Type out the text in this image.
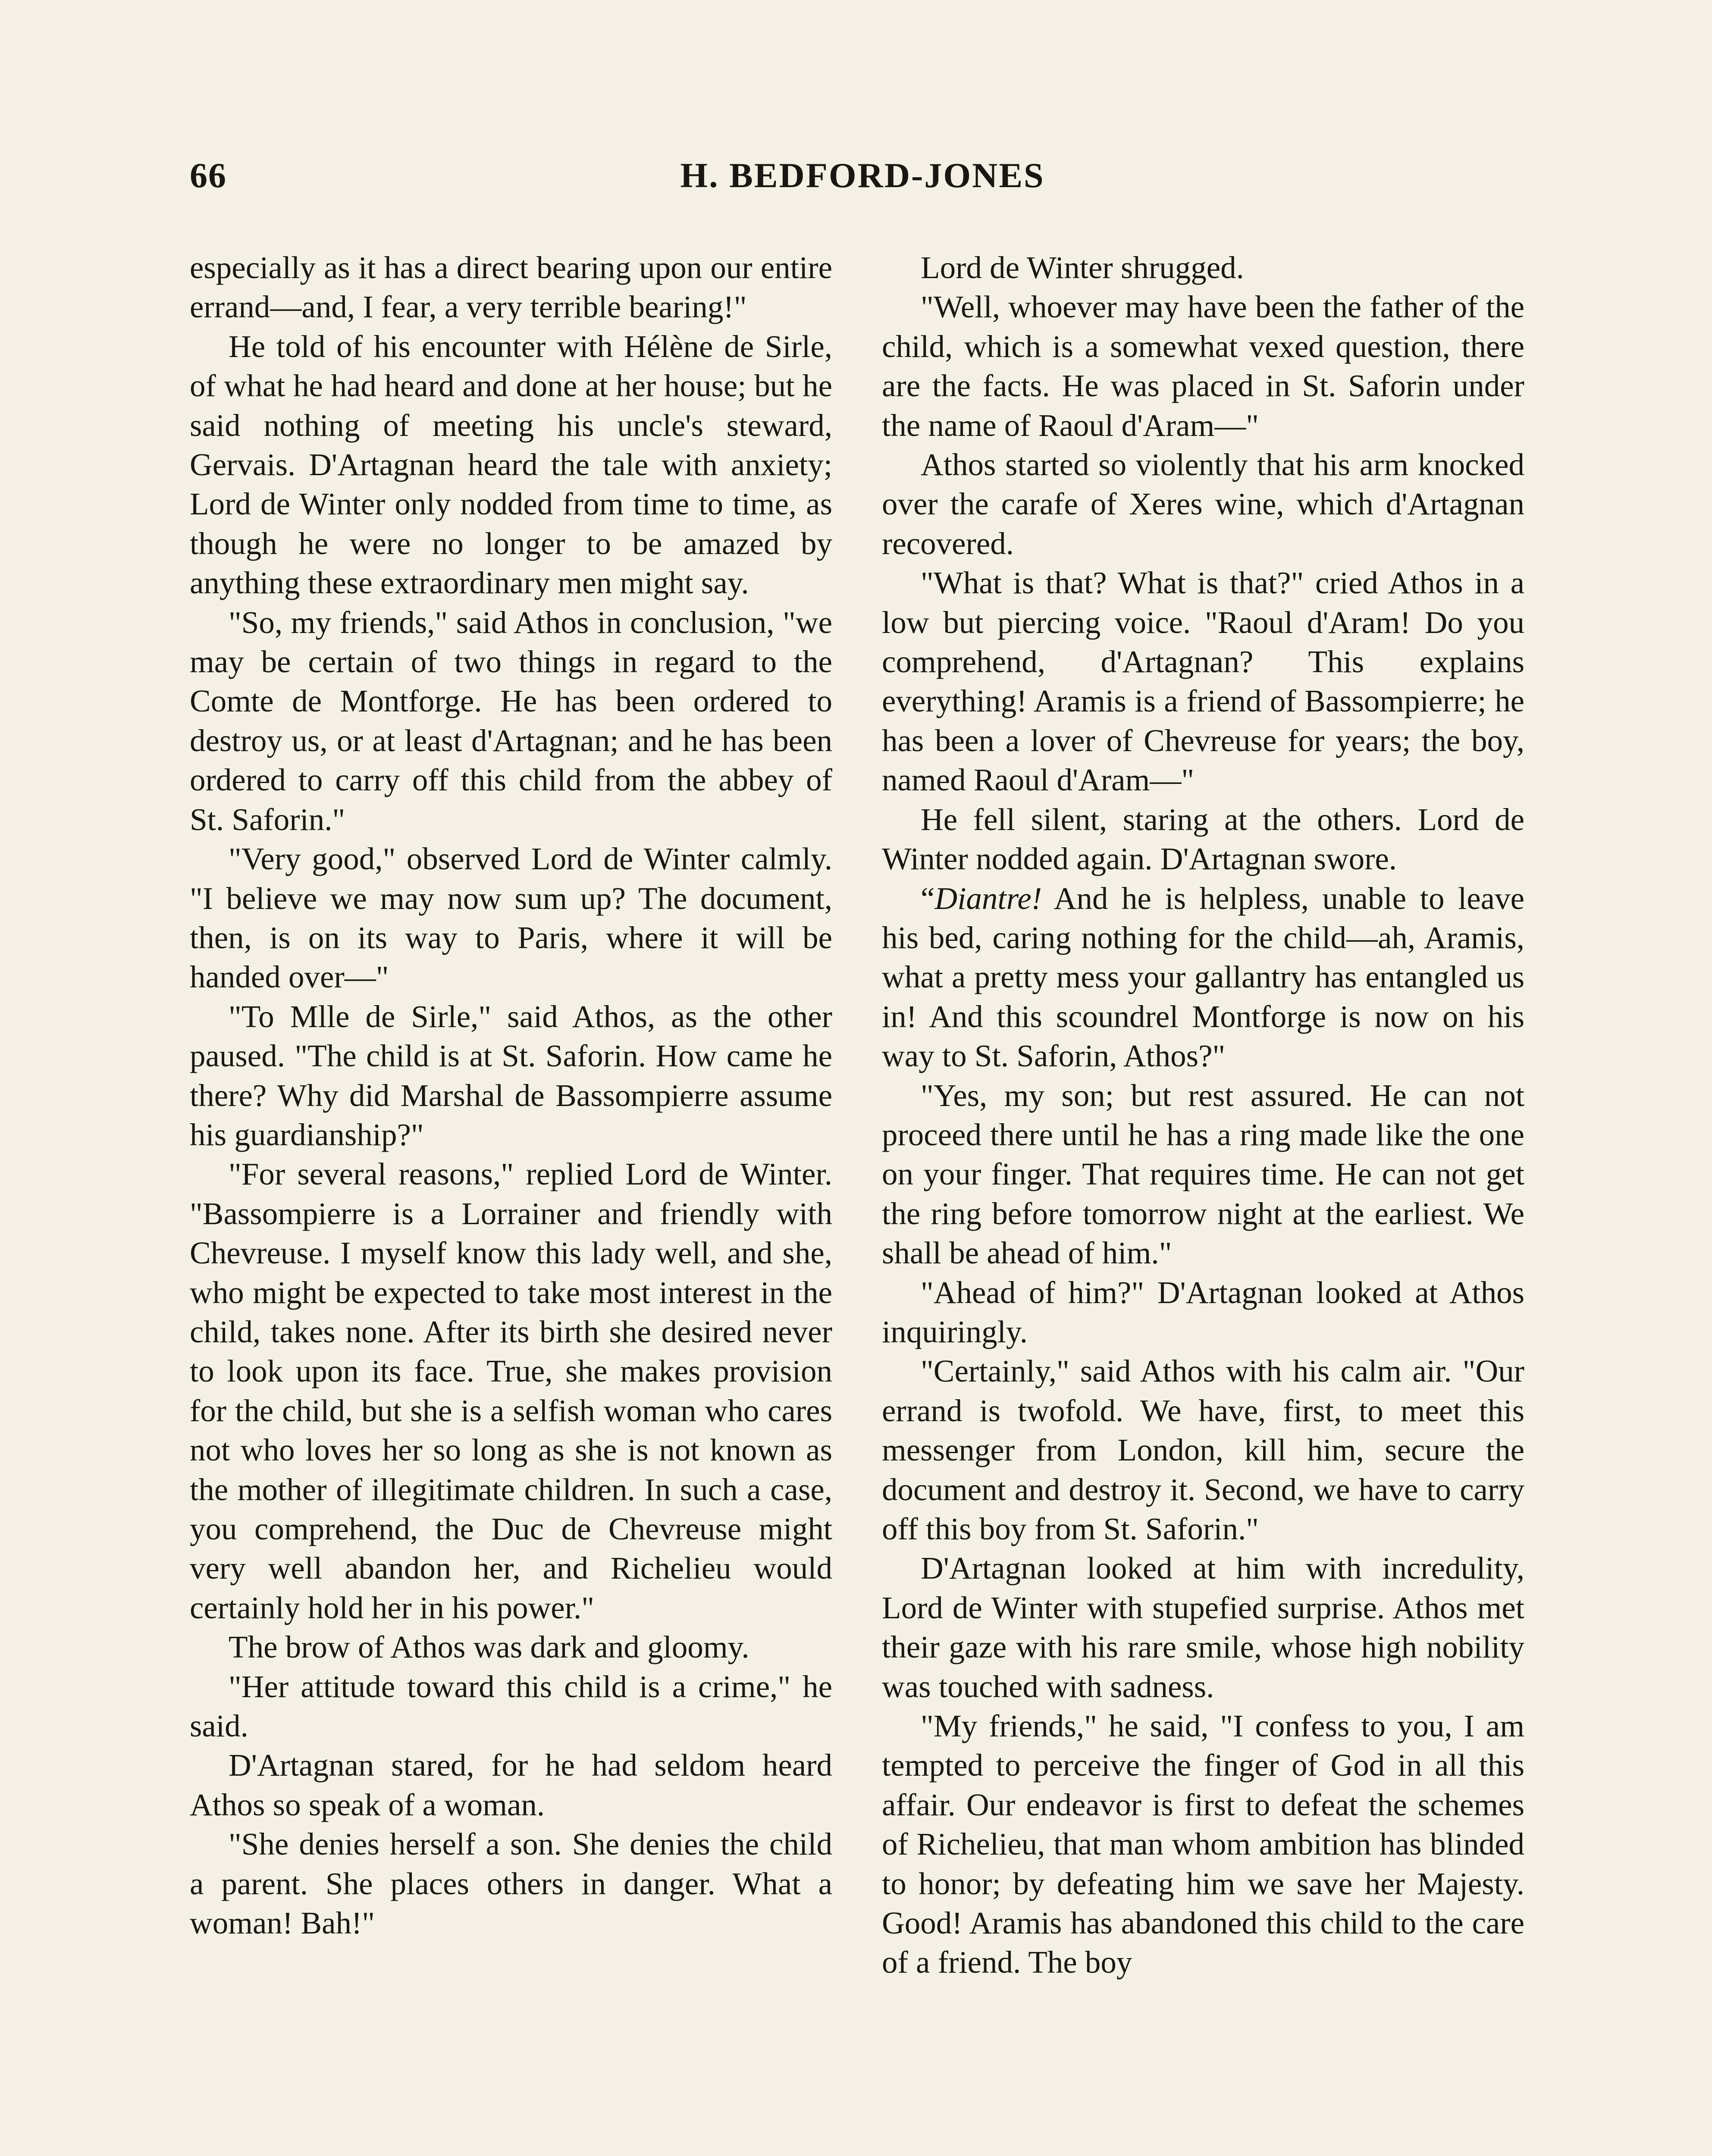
66	H. BEDFORD-JONES

especially as it has a direct bearing upon our entire errand—and, I fear, a very terrible bearing!"

He told of his encounter with Hélène de Sirle, of what he had heard and done at her house; but he said nothing of meeting his uncle's steward, Gervais. D'Artagnan heard the tale with anxiety; Lord de Winter only nodded from time to time, as though he were no longer to be amazed by anything these extraordinary men might say.

"So, my friends," said Athos in conclusion, "we may be certain of two things in regard to the Comte de Montforge. He has been ordered to destroy us, or at least d'Artagnan; and he has been ordered to carry off this child from the abbey of St. Saforin."

"Very good," observed Lord de Winter calmly. "I believe we may now sum up? The document, then, is on its way to Paris, where it will be handed over—"

"To Mlle de Sirle," said Athos, as the other paused. "The child is at St. Saforin. How came he there? Why did Marshal de Bassompierre assume his guardianship?"

"For several reasons," replied Lord de Winter. "Bassompierre is a Lorrainer and friendly with Chevreuse. I myself know this lady well, and she, who might be expected to take most interest in the child, takes none. After its birth she desired never to look upon its face. True, she makes provision for the child, but she is a selfish woman who cares not who loves her so long as she is not known as the mother of illegitimate children. In such a case, you comprehend, the Duc de Chevreuse might very well abandon her, and Richelieu would certainly hold her in his power."

The brow of Athos was dark and gloomy.

"Her attitude toward this child is a crime," he said.

D'Artagnan stared, for he had seldom heard Athos so speak of a woman.

"She denies herself a son. She denies the child a parent. She places others in danger. What a woman! Bah!"

Lord de Winter shrugged.

"Well, whoever may have been the father of the child, which is a somewhat vexed question, there are the facts. He was placed in St. Saforin under the name of Raoul d'Aram—"

Athos started so violently that his arm knocked over the carafe of Xeres wine, which d'Artagnan recovered.

"What is that? What is that?" cried Athos in a low but piercing voice. "Raoul d'Aram! Do you comprehend, d'Artagnan? This explains everything! Aramis is a friend of Bassompierre; he has been a lover of Chevreuse for years; the boy, named Raoul d'Aram—"

He fell silent, staring at the others. Lord de Winter nodded again. D'Artagnan swore.

“Diantre! And he is helpless, unable to leave his bed, caring nothing for the child—ah, Aramis, what a pretty mess your gallantry has entangled us in! And this scoundrel Montforge is now on his way to St. Saforin, Athos?"

"Yes, my son; but rest assured. He can not proceed there until he has a ring made like the one on your finger. That requires time. He can not get the ring before tomorrow night at the earliest. We shall be ahead of him."

"Ahead of him?" D'Artagnan looked at Athos inquiringly.

"Certainly," said Athos with his calm air. "Our errand is twofold. We have, first, to meet this messenger from London, kill him, secure the document and destroy it. Second, we have to carry off this boy from St. Saforin."

D'Artagnan looked at him with incredulity, Lord de Winter with stupefied surprise. Athos met their gaze with his rare smile, whose high nobility was touched with sadness.

"My friends," he said, "I confess to you, I am tempted to perceive the finger of God in all this affair. Our endeavor is first to defeat the schemes of Richelieu, that man whom ambition has blinded to honor; by defeating him we save her Majesty. Good! Aramis has abandoned this child to the care of a friend. The boy
